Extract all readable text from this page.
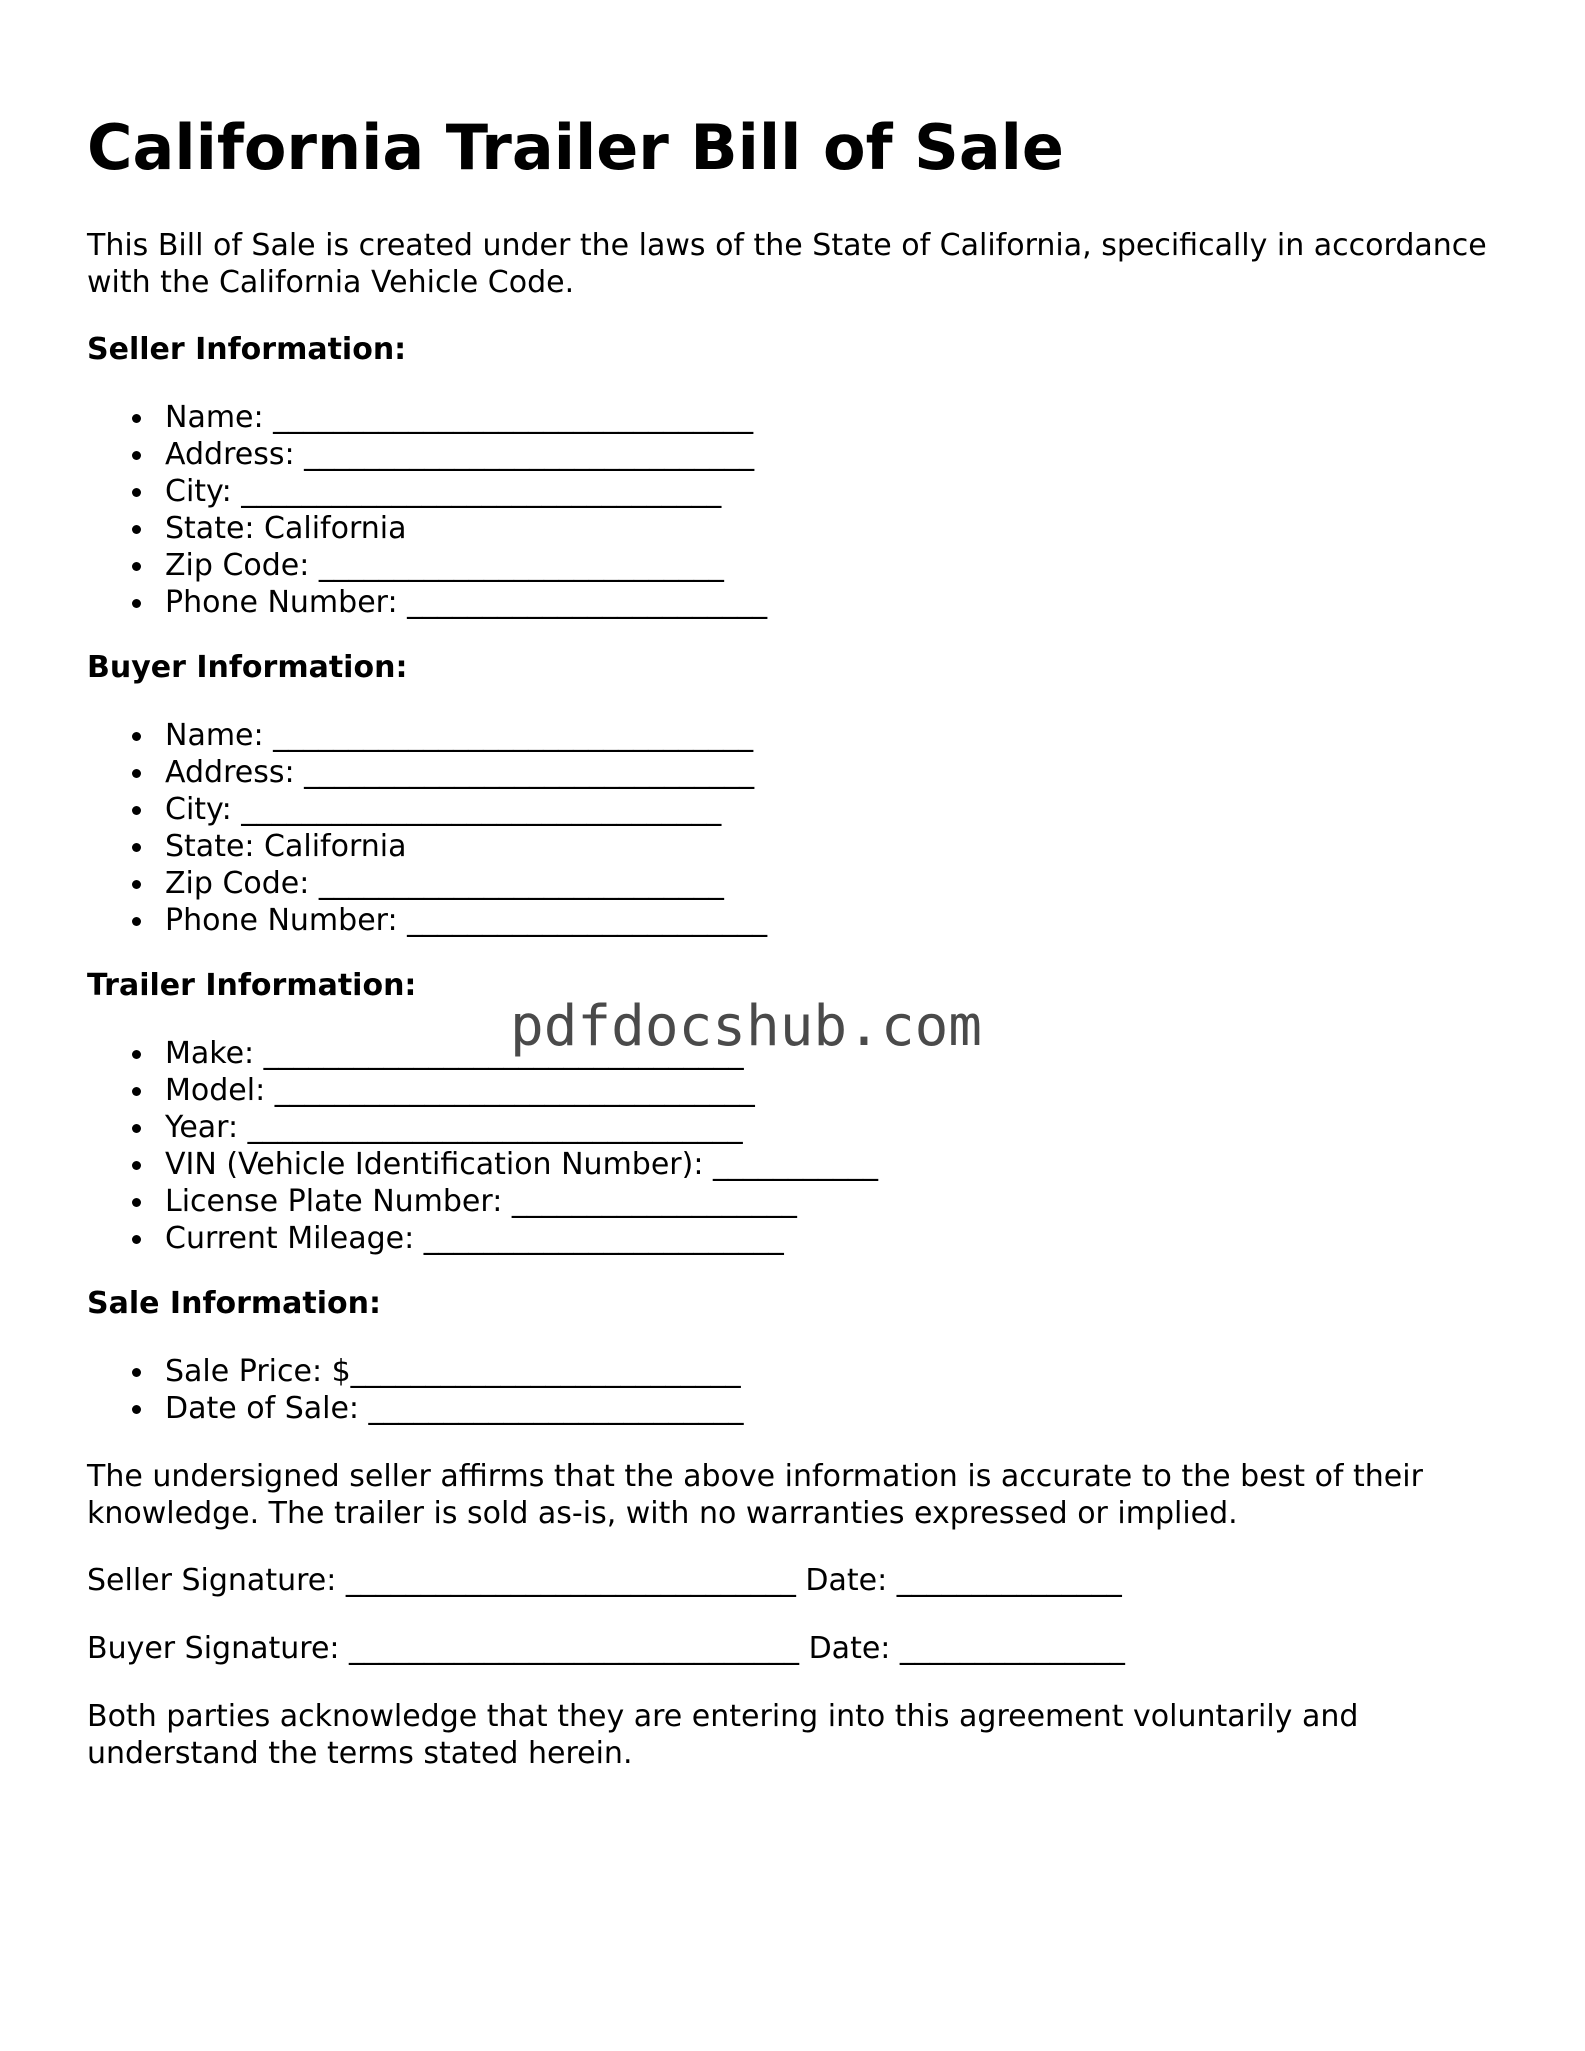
California Trailer Bill of Sale

This Bill of Sale is created under the laws of the State of California, specifically in accordance with the California Vehicle Code.

Seller Information:
Name: ________________________________
Address: ______________________________
City: ________________________________
State: California
Zip Code: ___________________________
Phone Number: ________________________
Buyer Information:
Name: ________________________________
Address: ______________________________
City: ________________________________
State: California
Zip Code: ___________________________
Phone Number: ________________________
Trailer Information:
Make: ________________________________
Model: ________________________________
Year: _________________________________
VIN (Vehicle Identification Number): ___________
License Plate Number: ___________________
Current Mileage: ________________________
Sale Information:
Sale Price: $__________________________
Date of Sale: _________________________

The undersigned seller affirms that the above information is accurate to the best of their knowledge. The trailer is sold as-is, with no warranties expressed or implied.

Seller Signature: ______________________________ Date: _______________

Buyer Signature: ______________________________ Date: _______________

Both parties acknowledge that they are entering into this agreement voluntarily and understand the terms stated herein.

pdfdocshub.com
